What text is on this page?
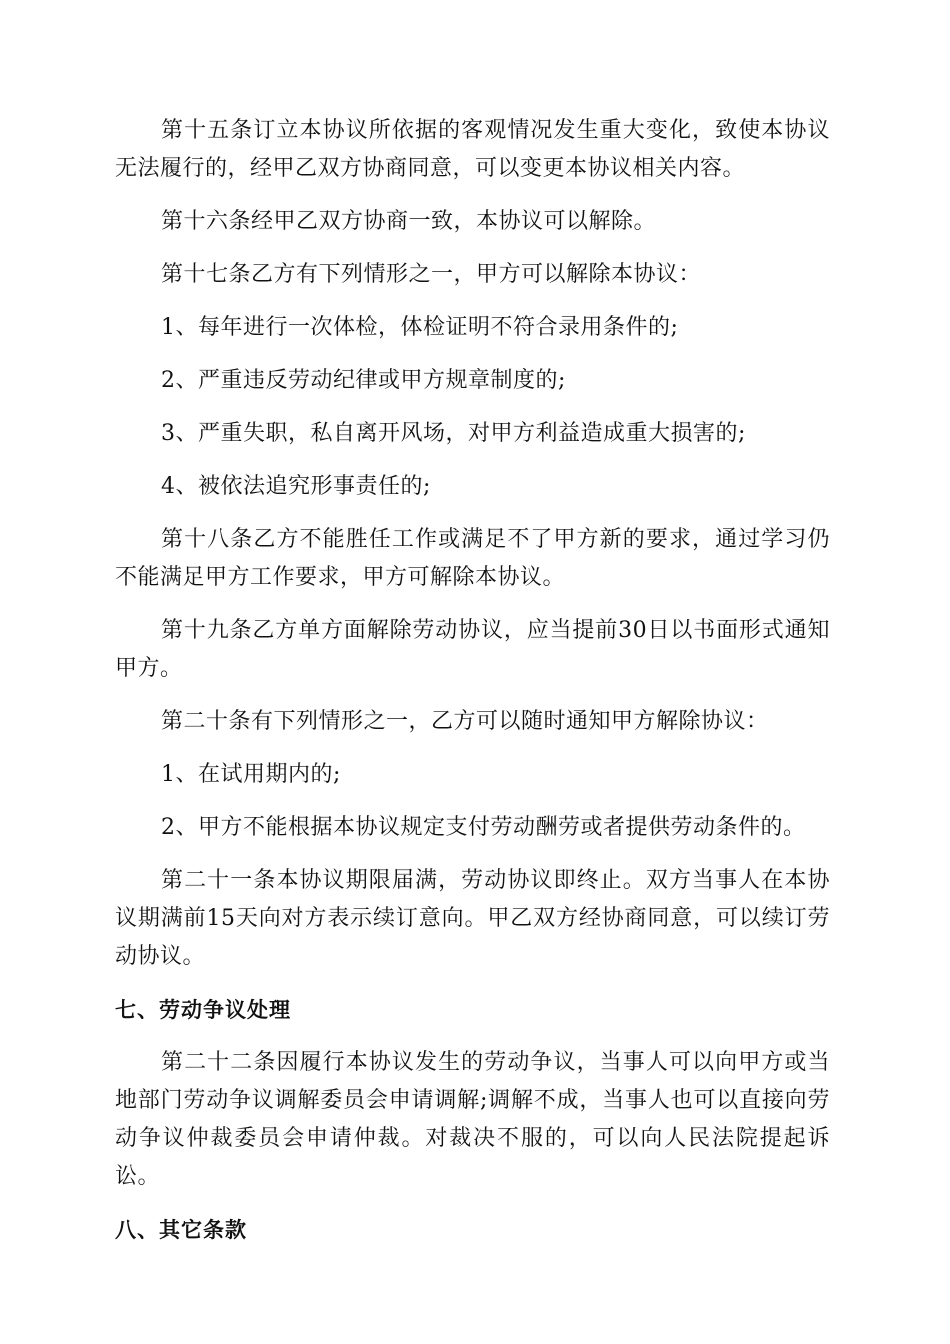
第十五条订立本协议所依据的客观情况发生重大变化，致使本协议无法履行的，经甲乙双方协商同意，可以变更本协议相关内容。

第十六条经甲乙双方协商一致，本协议可以解除。

第十七条乙方有下列情形之一，甲方可以解除本协议：

1、每年进行一次体检，体检证明不符合录用条件的;

2、严重违反劳动纪律或甲方规章制度的;

3、严重失职，私自离开风场，对甲方利益造成重大损害的;

4、被依法追究形事责任的;

第十八条乙方不能胜任工作或满足不了甲方新的要求，通过学习仍不能满足甲方工作要求，甲方可解除本协议。

第十九条乙方单方面解除劳动协议，应当提前30日以书面形式通知甲方。

第二十条有下列情形之一，乙方可以随时通知甲方解除协议：

1、在试用期内的;

2、甲方不能根据本协议规定支付劳动酬劳或者提供劳动条件的。

第二十一条本协议期限届满，劳动协议即终止。双方当事人在本协议期满前15天向对方表示续订意向。甲乙双方经协商同意，可以续订劳动协议。

七、劳动争议处理

第二十二条因履行本协议发生的劳动争议，当事人可以向甲方或当地部门劳动争议调解委员会申请调解;调解不成，当事人也可以直接向劳动争议仲裁委员会申请仲裁。对裁决不服的，可以向人民法院提起诉讼。

八、其它条款
